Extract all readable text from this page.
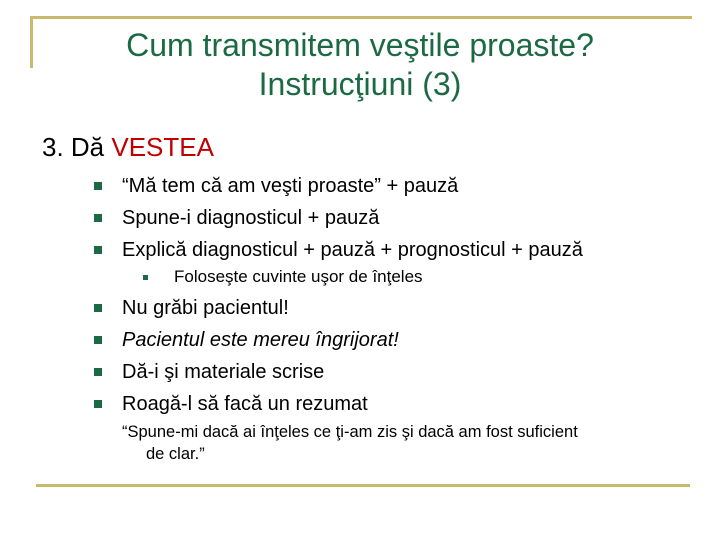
Cum transmitem veştile proaste?
Instrucţiuni (3)
3. Dă VESTEA
“Mă tem că am veşti proaste” + pauză
Spune-i diagnosticul + pauză
Explică diagnosticul + pauză + prognosticul + pauză
Foloseşte cuvinte uşor de înţeles
Nu grăbi pacientul!
Pacientul este mereu îngrijorat!
Dă-i şi materiale scrise
Roagă-l să facă un rezumat
“Spune-mi dacă ai înţeles ce ţi-am zis şi dacă am fost suficient
de clar.”
